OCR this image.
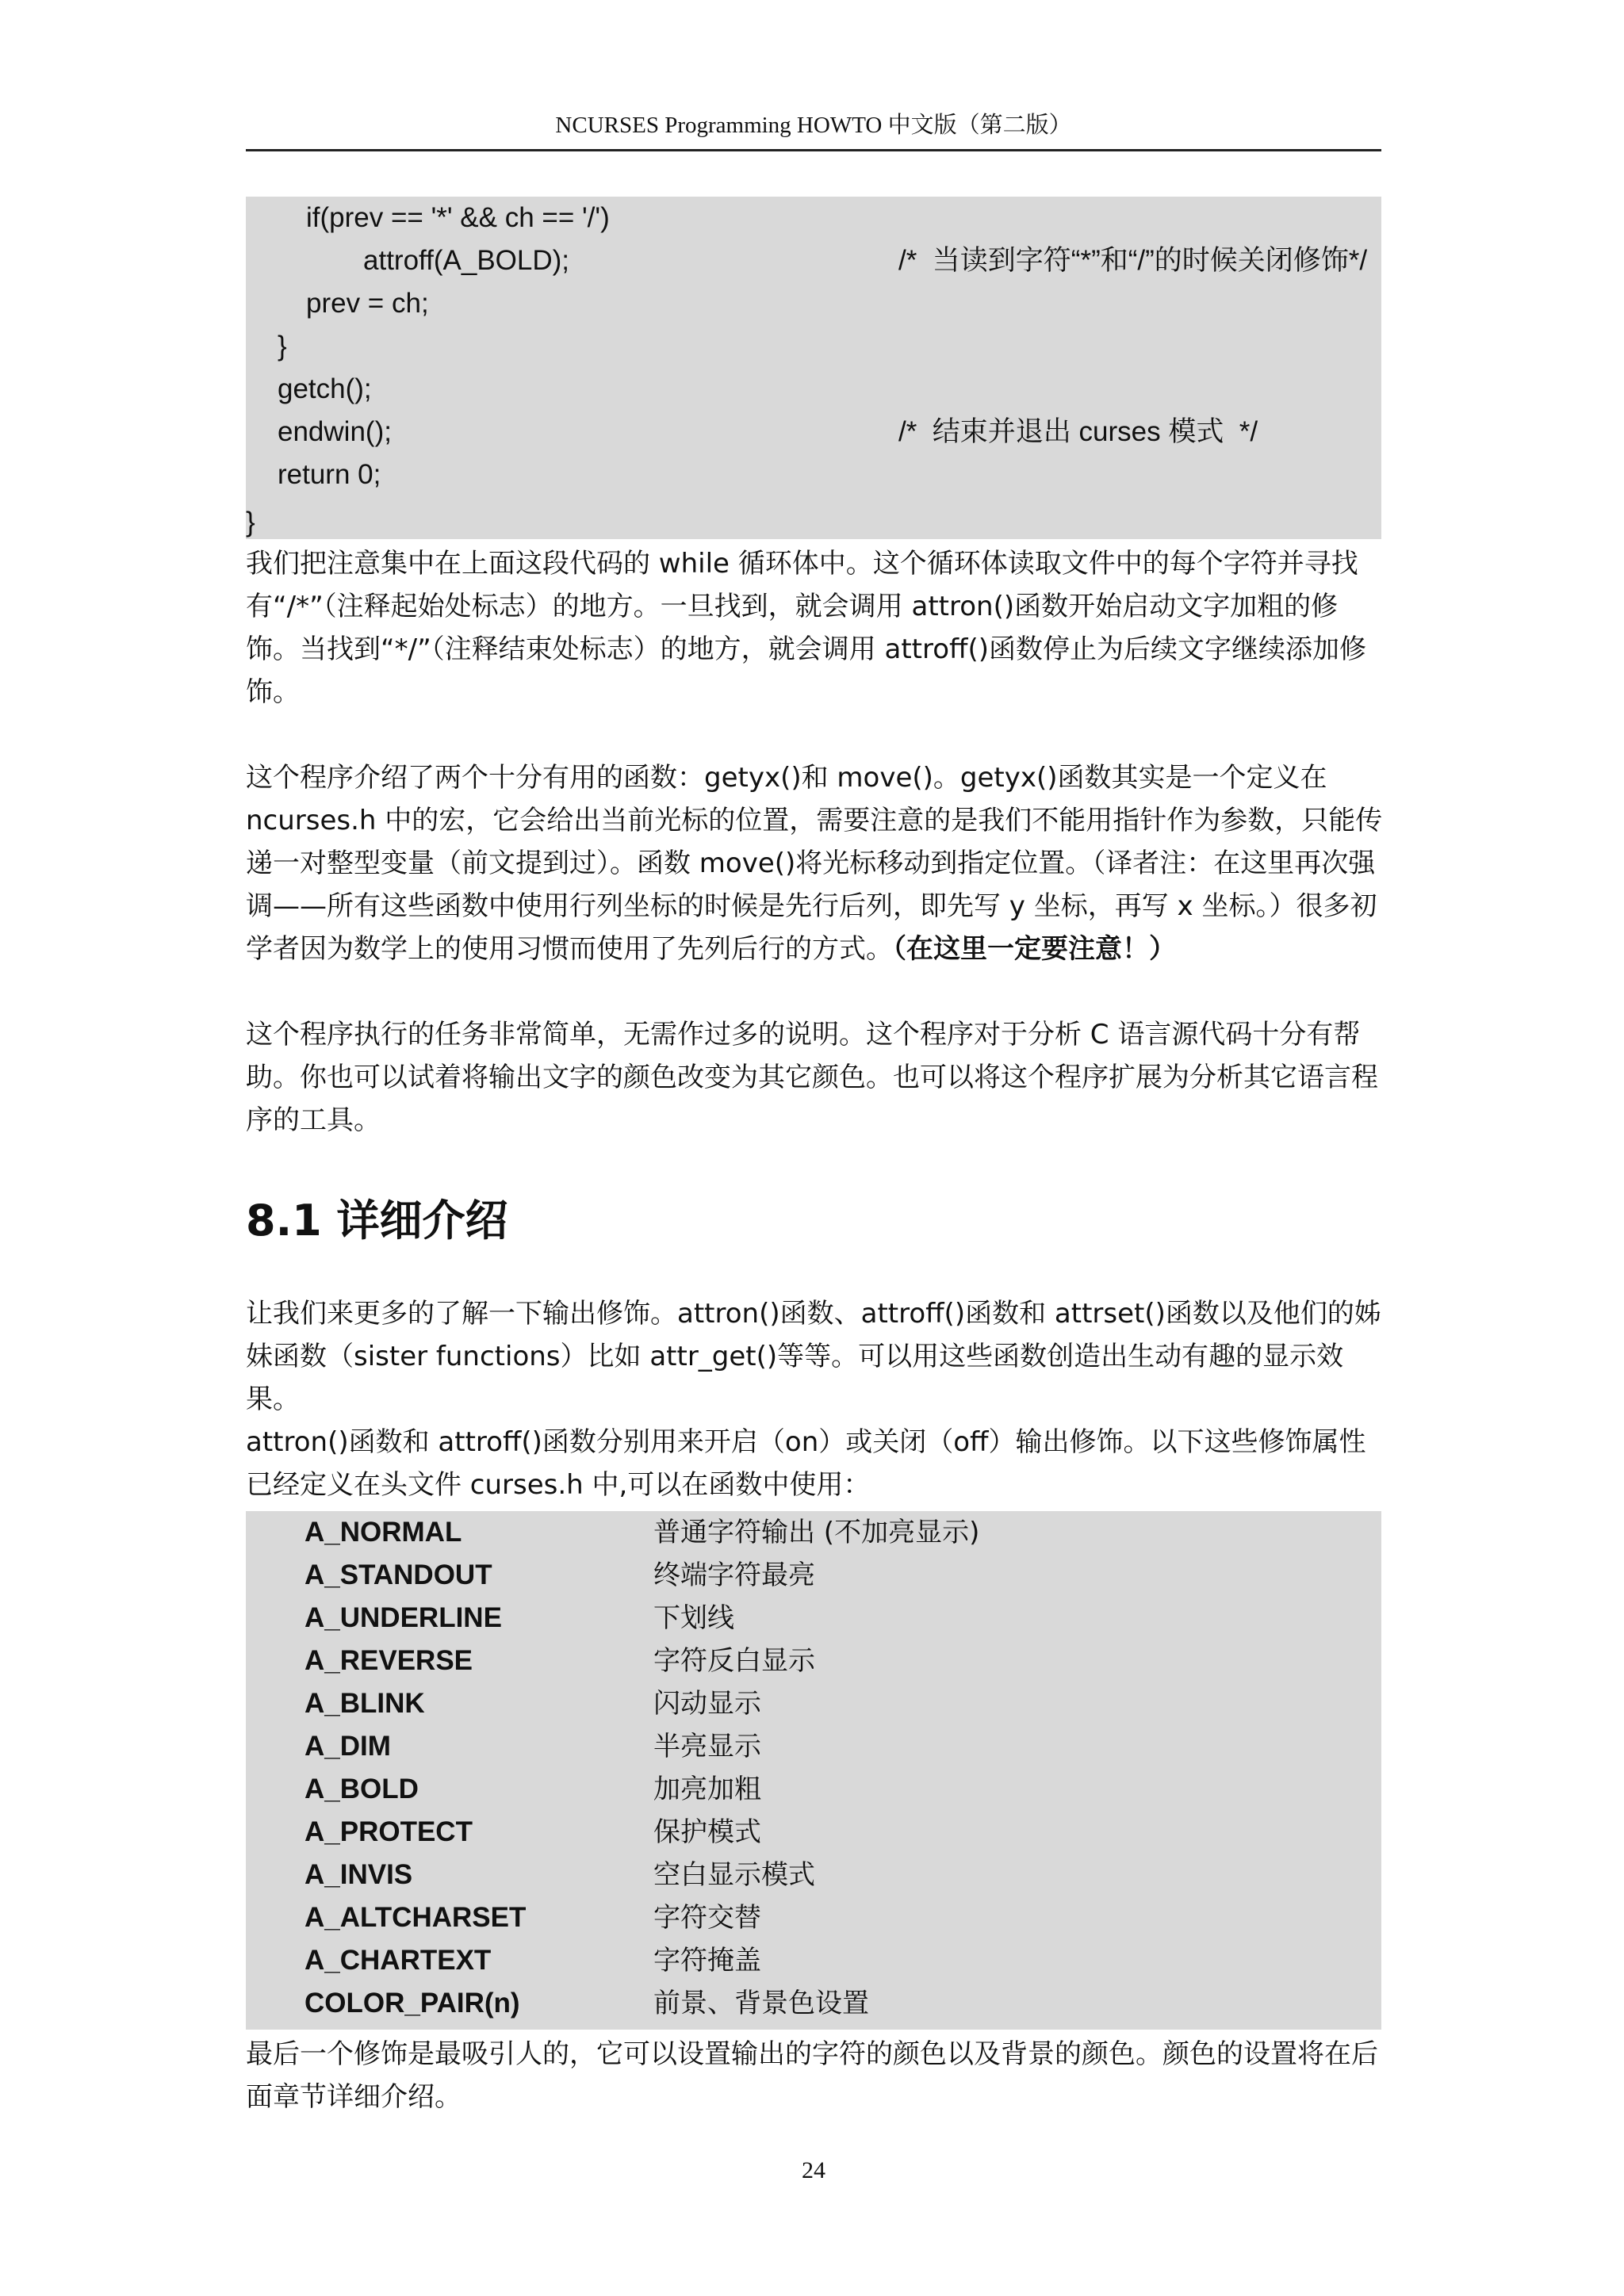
NCURSES Programming HOWTO 中文版（第二版）
if(prev == '*' && ch == '/')
attroff(A_BOLD);	/*  当读到字符“*”和“/”的时候关闭修饰*/
prev = ch;
}
getch();
endwin();	/*  结束并退出 curses 模式  */
return 0;
}

我们把注意集中在上面这段代码的 while 循环体中。这个循环体读取文件中的每个字符并寻找有“/*”（注释起始处标志）的地方。一旦找到，就会调用 attron()函数开始启动文字加粗的修饰。当找到“*/”（注释结束处标志）的地方，就会调用 attroff()函数停止为后续文字继续添加修饰。

这个程序介绍了两个十分有用的函数：getyx()和 move()。getyx()函数其实是一个定义在 ncurses.h 中的宏，它会给出当前光标的位置，需要注意的是我们不能用指针作为参数，只能传递一对整型变量（前文提到过）。函数 move()将光标移动到指定位置。（译者注：在这里再次强调——所有这些函数中使用行列坐标的时候是先行后列，即先写 y 坐标，再写 x 坐标。）很多初学者因为数学上的使用习惯而使用了先列后行的方式。（在这里一定要注意！）

这个程序执行的任务非常简单，无需作过多的说明。这个程序对于分析 C 语言源代码十分有帮助。你也可以试着将输出文字的颜色改变为其它颜色。也可以将这个程序扩展为分析其它语言程序的工具。

8.1 详细介绍

让我们来更多的了解一下输出修饰。attron()函数、attroff()函数和 attrset()函数以及他们的姊妹函数（sister functions）比如 attr_get()等等。可以用这些函数创造出生动有趣的显示效果。

attron()函数和 attroff()函数分别用来开启（on）或关闭（off）输出修饰。以下这些修饰属性已经定义在头文件 curses.h 中,可以在函数中使用：

A_NORMAL	普通字符输出 (不加亮显示)
A_STANDOUT	终端字符最亮
A_UNDERLINE	下划线
A_REVERSE	字符反白显示
A_BLINK	闪动显示
A_DIM	半亮显示
A_BOLD	加亮加粗
A_PROTECT	保护模式
A_INVIS	空白显示模式
A_ALTCHARSET	字符交替
A_CHARTEXT	字符掩盖
COLOR_PAIR(n)	前景、背景色设置

最后一个修饰是最吸引人的，它可以设置输出的字符的颜色以及背景的颜色。颜色的设置将在后面章节详细介绍。

24
